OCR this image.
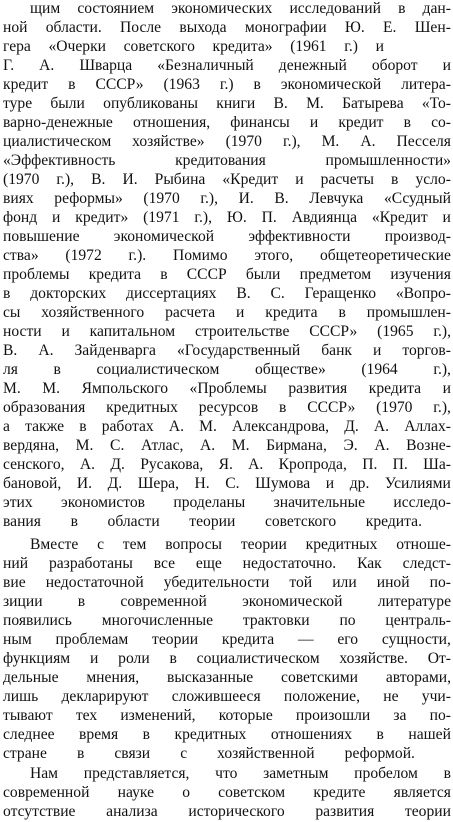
щим состоянием экономических исследований в дан-
ной области. После выхода монографии Ю. Е. Шен-
гера «Очерки советского кредита» (1961 г.) и
Г. А. Шварца «Безналичный денежный оборот и
кредит в СССР» (1963 г.) в экономической литера-
туре были опубликованы книги В. М. Батырева «То-
варно-денежные отношения, финансы и кредит в со-
циалистическом хозяйстве» (1970 г.), М. А. Песселя
«Эффективность	кредитования	промышленности»
(1970 г.), В. И. Рыбина «Кредит и расчеты в усло-
виях реформы» (1970 г.), И. В. Левчука «Ссудный
фонд и кредит» (1971 г.), Ю. П. Авдиянца «Кредит и
повышение экономической эффективности производ-
ства» (1972 г.). Помимо этого, общетеоретические
проблемы кредита в СССР были предметом изучения
в докторских диссертациях В. С. Геращенко «Вопро-
сы хозяйственного расчета и кредита в промышлен-
ности и капитальном строительстве СССР» (1965 г.),
В. А. Зайденварга «Государственный банк и торгов-
ля в социалистическом обществе» (1964 г.),
М. М. Ямпольского «Проблемы развития кредита и
образования кредитных ресурсов в СССР» (1970 г.),
а также в работах А. М. Александрова, Д. А. Аллах-
вердяна, М. С. Атлас, А. М. Бирмана, Э. А. Возне-
сенского, А. Д. Русакова, Я. А. Кропрода, П. П. Ша-
бановой, И. Д. Шера, Н. С. Шумова и др. Усилиями
этих экономистов проделаны значительные исследо-
вания в области теории советского кредита.
Вместе с тем вопросы теории кредитных отноше-
ний разработаны все еще недостаточно. Как следст-
вие недостаточной убедительности той или иной по-
зиции в современной экономической литературе
появились многочисленные трактовки по централь-
ным проблемам теории кредита — его сущности,
функциям и роли в социалистическом хозяйстве. От-
дельные мнения, высказанные советскими авторами,
лишь декларируют сложившееся положение, не учи-
тывают тех изменений, которые произошли за по-
следнее время в кредитных отношениях в нашей
стране в связи с хозяйственной реформой.
Нам представляется, что заметным пробелом в
современной науке о советском кредите является
отсутствие анализа исторического развития теории
